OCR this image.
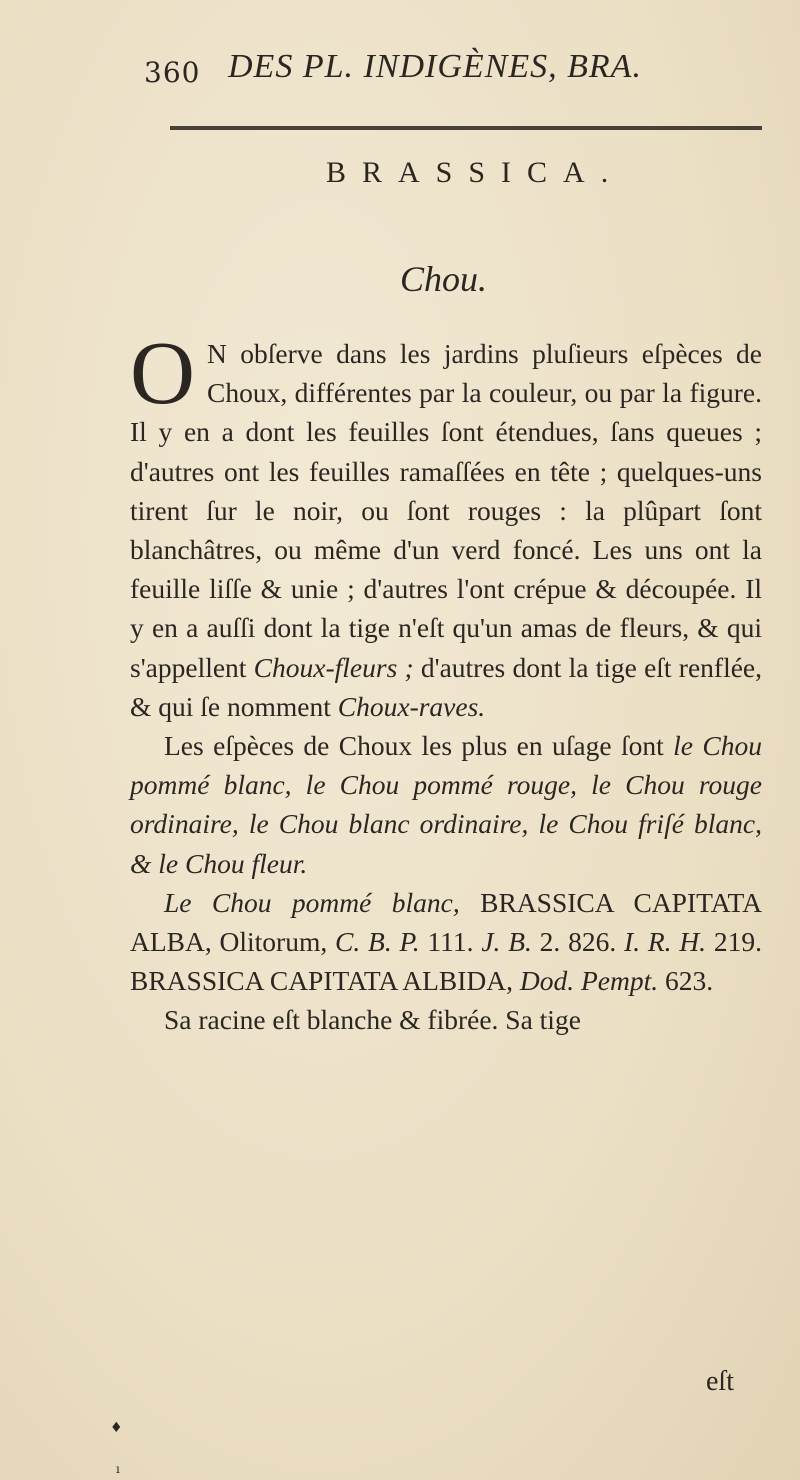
360 DES PL. INDIGÈNES, BRA.
BRASSICA.
Chou.

O N obſerve dans les jardins pluſieurs eſpèces de Choux, différentes par la couleur, ou par la figure. Il y en a dont les feuilles ſont étendues, ſans queues ; d'autres ont les feuilles ramaſſées en tête ; quelques-uns tirent ſur le noir, ou ſont rouges : la plûpart ſont blanchâtres, ou même d'un verd foncé. Les uns ont la feuille liſſe & unie ; d'autres l'ont crépue & découpée. Il y en a auſſi dont la tige n'eſt qu'un amas de fleurs, & qui s'appellent Choux-fleurs ; d'autres dont la tige eſt renflée, & qui ſe nomment Choux-raves.

Les eſpèces de Choux les plus en uſage ſont le Chou pommé blanc, le Chou pommé rouge, le Chou rouge ordinaire, le Chou blanc ordinaire, le Chou friſé blanc, & le Chou fleur.

Le Chou pommé blanc, BRASSICA CAPITATA ALBA, Olitorum, C. B. P. 111. J. B. 2. 826. I. R. H. 219. BRASSICA CAPITATA ALBIDA, Dod. Pempt. 623.

Sa racine eſt blanche & fibrée. Sa tige

eſt
♦
ı
